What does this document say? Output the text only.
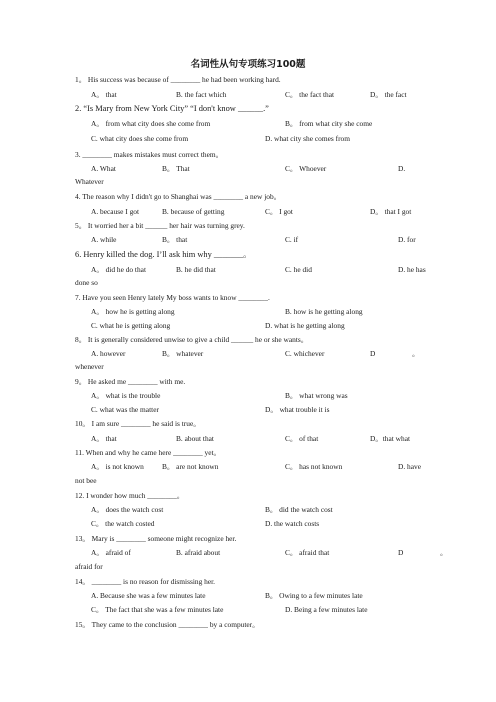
名词性从句专项练习100题
1。 His success was because of ________ he had been working hard.
A。 that	B. the fact which	C。 the fact that	D。 the fact
2. “Is Mary from New York City” “I don't know ______.”
A。 from what city does she come from	B。 from what city she come
C. what city does she come from	D. what city she comes from
3. ________ makes mistakes must correct them。
A. What	B。 That	C。 Whoever	D.
Whatever
4. The reason why I didn't go to Shanghai was ________ a new job。
A. because I got	B. because of getting	C。 I got	D。 that I got
5。 It worried her a bit ______ her hair was turning grey.
A. while	B。 that	C. if	D. for
6. Henry killed the dog. I’ll ask him why _______。
A。 did he do that	B. he did that	C. he did	D. he has
done so
7. Have you seen Henry lately My boss wants to know ________.
A。 how he is getting along	B. how is he getting along
C. what he is getting along	D. what is he getting along
8。 It is generally considered unwise to give a child ______ he or she wants。
A. however	B。 whatever	C. whichever	D	。
whenever
9。 He asked me ________ with me.
A。 what is the trouble	B。 what wrong was
C. what was the matter	D。 what trouble it is
10。 I am sure ________ he said is true。
A。 that	B. about that	C。 of that	D。that what
11. When and why he came here ________ yet。
A。 is not known B。 are not known	C。 has not known	D. have
not bee
12. I wonder how much ________。
A。 does the watch cost	B。 did the watch cost
C。 the watch costed	D. the watch costs
13。 Mary is ________ someone might recognize her.
A。 afraid of	B. afraid about	C。 afraid that	D	。
afraid for
14。 ________ is no reason for dismissing her.
A. Because she was a few minutes late	B。 Owing to a few minutes late
C。 The fact that she was a few minutes late	D. Being a few minutes late
15。 They came to the conclusion ________ by a computer。
